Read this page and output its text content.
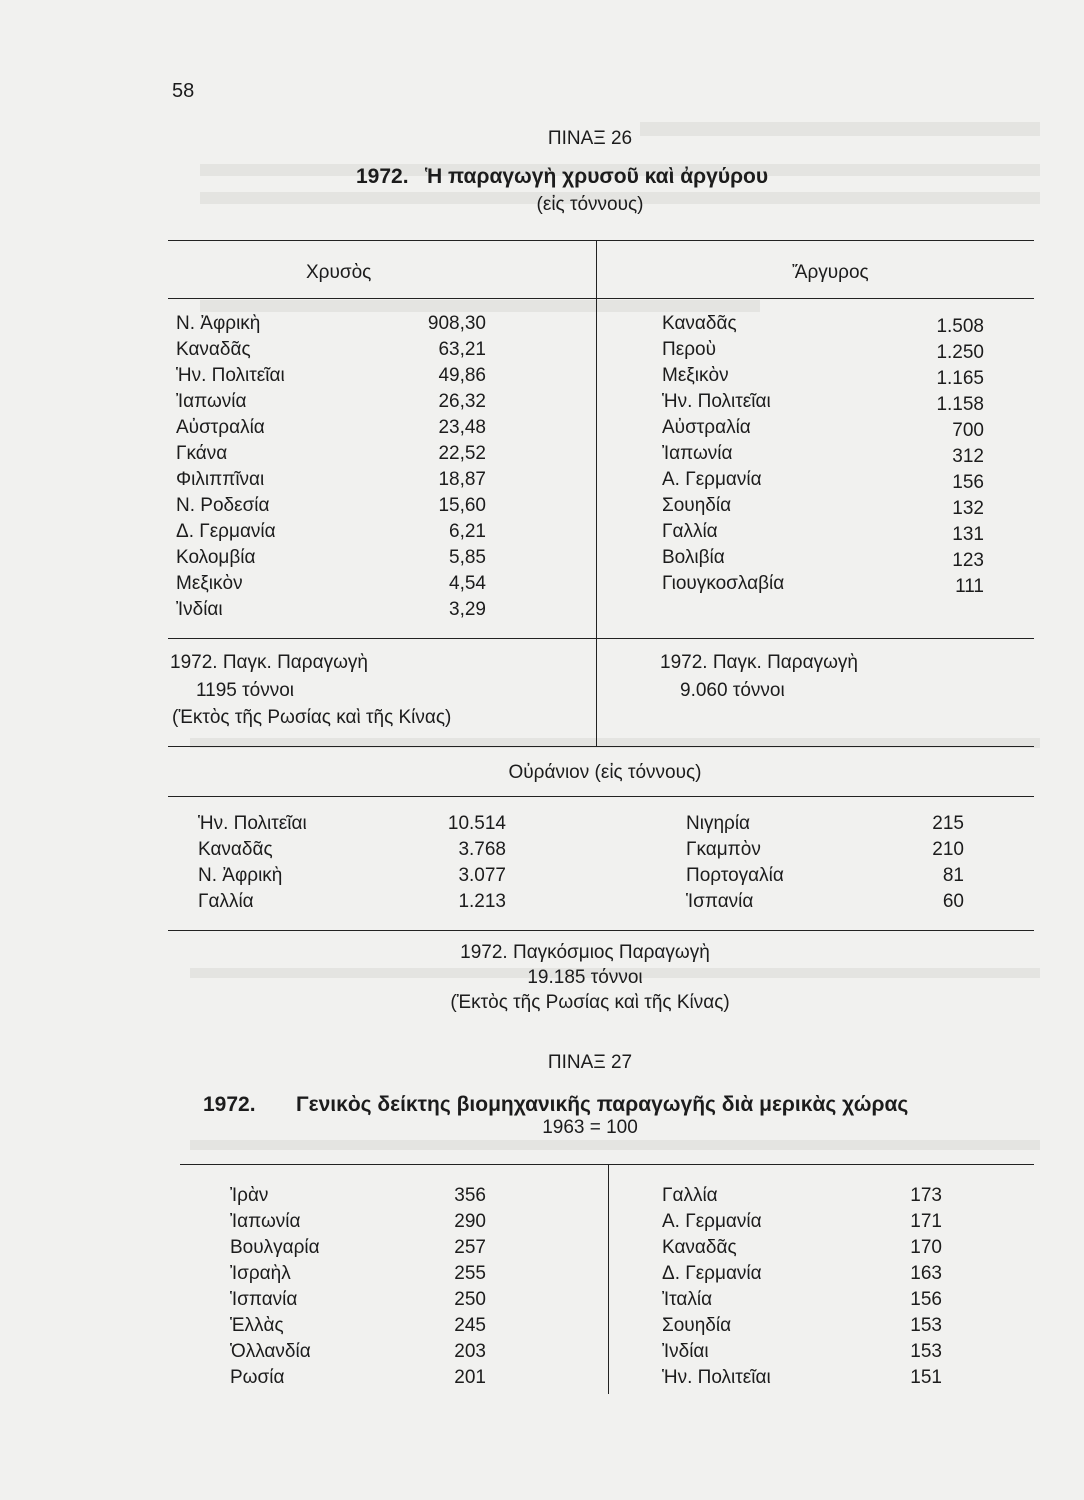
58
ΠΙΝΑΞ 26
1972. Ἡ παραγωγὴ χρυσοῦ καὶ ἀργύρου
(εἰς τόννους)
Χρυσὸς	Ἄργυρος
Ν. Ἀφρικὴ	908,30
Καναδᾶς	63,21
Ἡν. Πολιτεῖαι	49,86
Ἰαπωνία	26,32
Αὐστραλία	23,48
Γκάνα	22,52
Φιλιππῖναι	18,87
Ν. Ροδεσία	15,60
Δ. Γερμανία	6,21
Κολομβία	5,85
Μεξικὸν	4,54
Ἰνδίαι	3,29
Καναδᾶς	1.508
Περοὺ	1.250
Μεξικὸν	1.165
Ἡν. Πολιτεῖαι	1.158
Αὐστραλία	700
Ἰαπωνία	312
Α. Γερμανία	156
Σουηδία	132
Γαλλία	131
Βολιβία	123
Γιουγκοσλαβία	111
1972. Παγκ. Παραγωγὴ
1195 τόννοι
(Ἐκτὸς τῆς Ρωσίας καὶ τῆς Κίνας)
1972. Παγκ. Παραγωγὴ
9.060 τόννοι
Οὐράνιον (εἰς τόννους)
Ἡν. Πολιτεῖαι	10.514
Καναδᾶς	3.768
Ν. Ἀφρικὴ	3.077
Γαλλία	1.213
Νιγηρία	215
Γκαμπὸν	210
Πορτογαλία	81
Ἱσπανία	60
1972. Παγκόσμιος Παραγωγὴ
19.185 τόννοι
(Ἐκτὸς τῆς Ρωσίας καὶ τῆς Κίνας)
ΠΙΝΑΞ 27
1972. Γενικὸς δείκτης βιομηχανικῆς παραγωγῆς διὰ μερικὰς χώρας
1963 = 100
Ἰρὰν	356
Ἰαπωνία	290
Βουλγαρία	257
Ἰσραὴλ	255
Ἱσπανία	250
Ἑλλὰς	245
Ὁλλανδία	203
Ρωσία	201
Γαλλία	173
Α. Γερμανία	171
Καναδᾶς	170
Δ. Γερμανία	163
Ἰταλία	156
Σουηδία	153
Ἰνδίαι	153
Ἡν. Πολιτεῖαι	151
